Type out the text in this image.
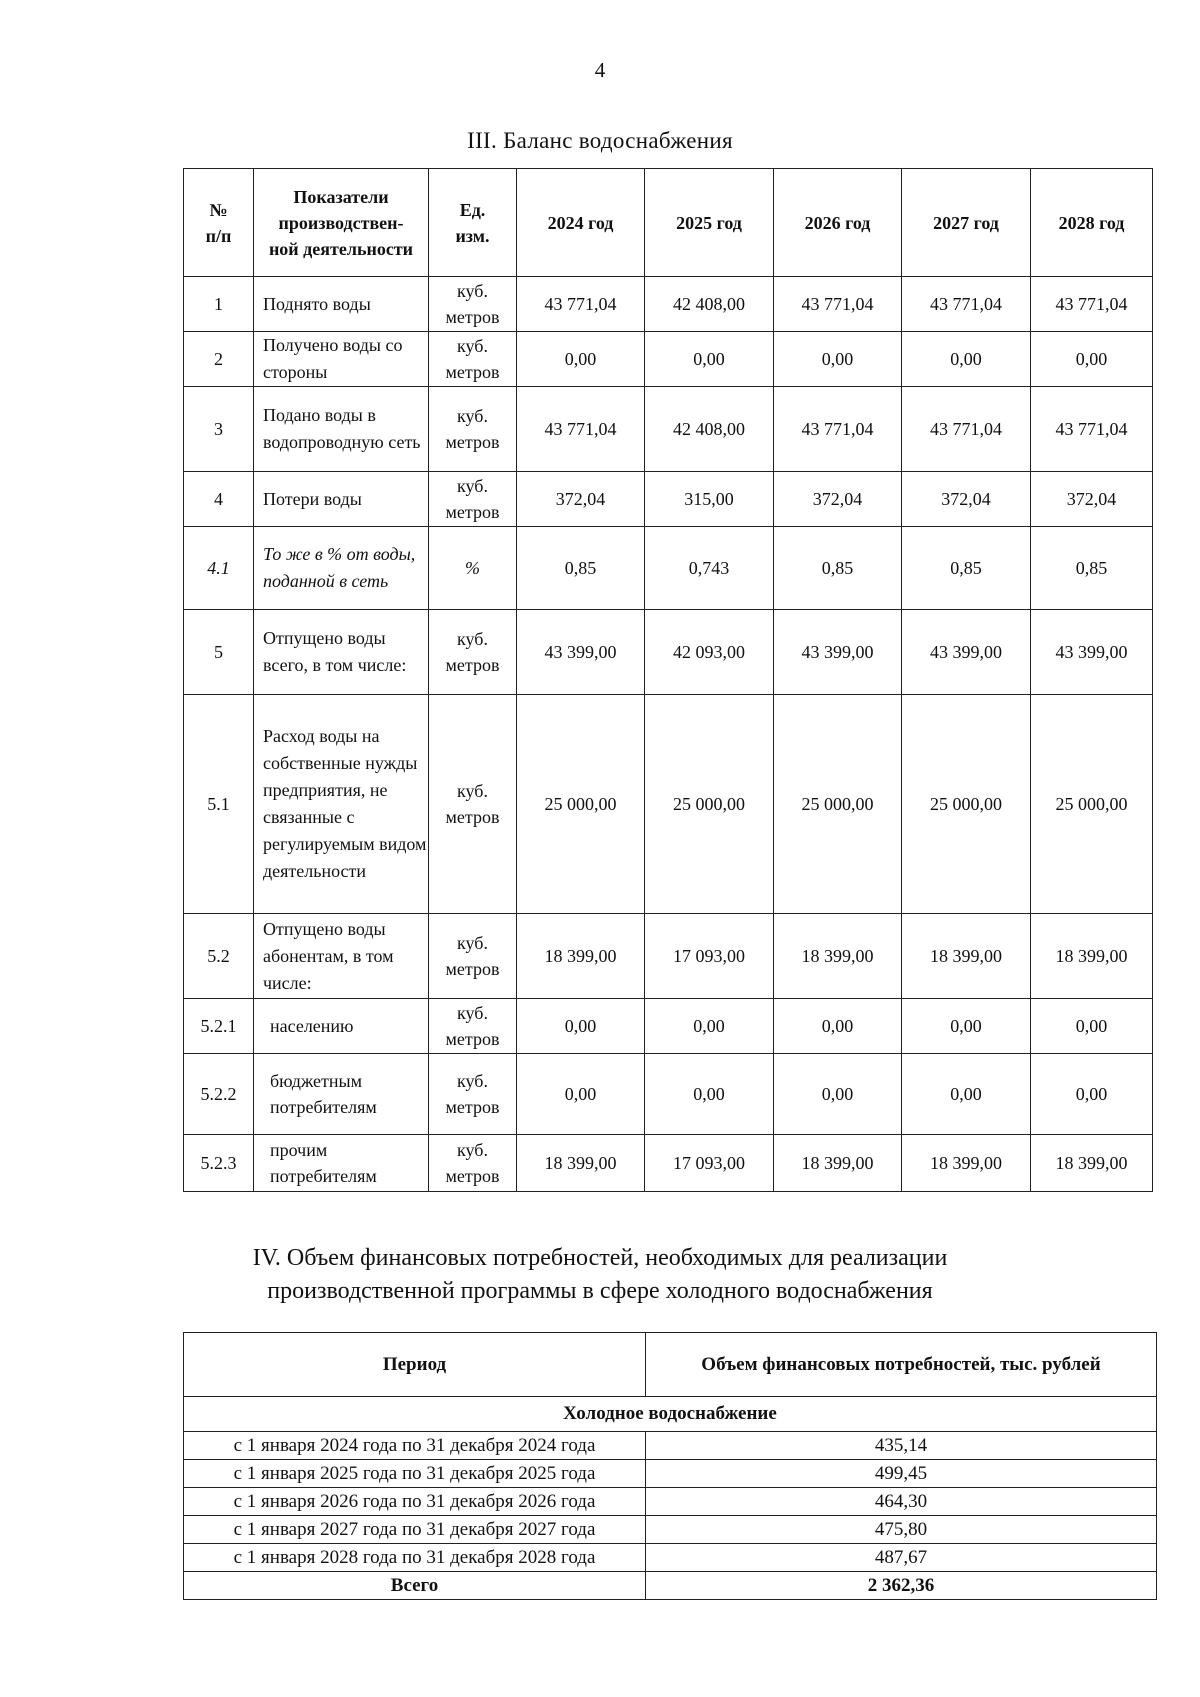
4
III. Баланс водоснабжения
№ п/п	Показатели производствен- ной деятельности	Ед. изм.	2024 год	2025 год	2026 год	2027 год	2028 год
1	Поднято воды	куб. метров	43 771,04	42 408,00	43 771,04	43 771,04	43 771,04
2	Получено воды со стороны	куб. метров	0,00	0,00	0,00	0,00	0,00
3	Подано воды в водопроводную сеть	куб. метров	43 771,04	42 408,00	43 771,04	43 771,04	43 771,04
4	Потери воды	куб. метров	372,04	315,00	372,04	372,04	372,04
4.1	То же в % от воды, поданной в сеть	%	0,85	0,743	0,85	0,85	0,85
5	Отпущено воды всего, в том числе:	куб. метров	43 399,00	42 093,00	43 399,00	43 399,00	43 399,00
5.1	Расход воды на собственные нужды предприятия, не связанные с регулируемым видом деятельности	куб. метров	25 000,00	25 000,00	25 000,00	25 000,00	25 000,00
5.2	Отпущено воды абонентам, в том числе:	куб. метров	18 399,00	17 093,00	18 399,00	18 399,00	18 399,00
5.2.1	населению	куб. метров	0,00	0,00	0,00	0,00	0,00
5.2.2	бюджетным потребителям	куб. метров	0,00	0,00	0,00	0,00	0,00
5.2.3	прочим потребителям	куб. метров	18 399,00	17 093,00	18 399,00	18 399,00	18 399,00
IV. Объем финансовых потребностей, необходимых для реализации
производственной программы в сфере холодного водоснабжения
Период	Объем финансовых потребностей, тыс. рублей
Холодное водоснабжение	
с 1 января 2024 года по 31 декабря 2024 года	435,14
с 1 января 2025 года по 31 декабря 2025 года	499,45
с 1 января 2026 года по 31 декабря 2026 года	464,30
с 1 января 2027 года по 31 декабря 2027 года	475,80
с 1 января 2028 года по 31 декабря 2028 года	487,67
Всего	2 362,36
